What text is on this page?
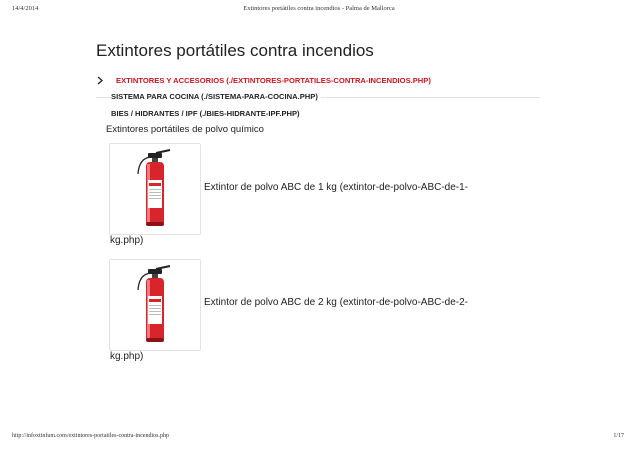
14/4/2014	Extintores portátiles contra incendios - Palma de Mallorca
Extintores portátiles contra incendios
EXTINTORES Y ACCESORIOS (./EXTINTORES-PORTATILES-CONTRA-INCENDIOS.PHP)
SISTEMA PARA COCINA (./SISTEMA-PARA-COCINA.PHP)
BIES / HIDRANTES / IPF (./BIES-HIDRANTE-IPF.PHP)
Extintores portátiles de polvo químico
Extintor de polvo ABC de 1 kg (extintor-de-polvo-ABC-de-1-
kg.php)
Extintor de polvo ABC de 2 kg (extintor-de-polvo-ABC-de-2-
kg.php)
http://infoxtinfum.com/extintores-portatiles-contra-incendios.php	1/17
